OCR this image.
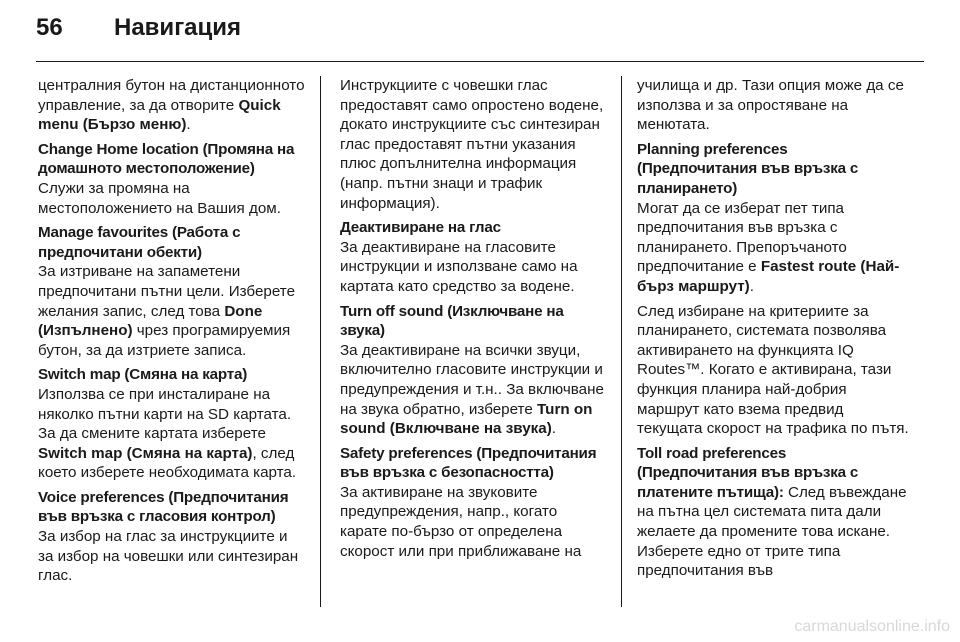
56	Навигация

централния бутон на дистанционното управление, за да отворите Quick menu (Бързо меню).

Change Home location (Промяна на домашното местоположение)
Служи за промяна на местоположението на Вашия дом.
Manage favourites (Работа с предпочитани обекти)
За изтриване на запаметени предпочитани пътни цели. Изберете желания запис, след това Done (Изпълнено) чрез програмируемия бутон, за да изтриете записа.
Switch map (Смяна на карта)
Използва се при инсталиране на няколко пътни карти на SD картата. За да смените картата изберете Switch map (Смяна на карта), след което изберете необходимата карта.
Voice preferences (Предпочитания във връзка с гласовия контрол)
За избор на глас за инструкциите и за избор на човешки или синтезиран глас.

Инструкциите с човешки глас предоставят само опростено водене, докато инструкциите със синтезиран глас предоставят пътни указания плюс допълнителна информация (напр. пътни знаци и трафик информация).

Деактивиране на глас
За деактивиране на гласовите инструкции и използване само на картата като средство за водене.
Turn off sound (Изключване на звука)
За деактивиране на всички звуци, включително гласовите инструкции и предупреждения и т.н.. За включване на звука обратно, изберете Turn on sound (Включване на звука).
Safety preferences (Предпочитания във връзка с безопасността)
За активиране на звуковите предупреждения, напр., когато карате по-бързо от определена скорост или при приближаване на

училища и др. Тази опция може да се използва и за опростяване на менютата.

Planning preferences (Предпочитания във връзка с планирането)
Могат да се изберат пет типа предпочитания във връзка с планирането. Препоръчаното предпочитание е Fastest route (Най-бърз маршрут).

След избиране на критериите за планирането, системата позволява активирането на функцията IQ Routes™. Когато е активирана, тази функция планира най-добрия маршрут като взема предвид текущата скорост на трафика по пътя.

Toll road preferences (Предпочитания във връзка с платените пътища): След въвеждане на пътна цел системата пита дали желаете да промените това искане. Изберете едно от трите типа предпочитания във
carmanualsonline.info
